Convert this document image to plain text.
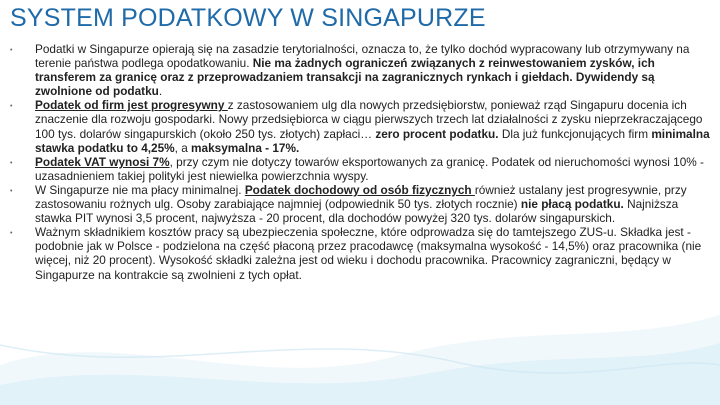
SYSTEM PODATKOWY W SINGAPURZE
• Podatki w Singapurze opierają się na zasadzie terytorialności, oznacza to, że tylko dochód wypracowany lub otrzymywany na terenie państwa podlega opodatkowaniu. Nie ma żadnych ograniczeń związanych z reinwestowaniem zysków, ich transferem za granicę oraz z przeprowadzaniem transakcji na zagranicznych rynkach i giełdach. Dywidendy są zwolnione od podatku.
• Podatek od firm jest progresywny z zastosowaniem ulg dla nowych przedsiębiorstw, ponieważ rząd Singapuru docenia ich znaczenie dla rozwoju gospodarki. Nowy przedsiębiorca w ciągu pierwszych trzech lat działalności z zysku nieprzekraczającego 100 tys. dolarów singapurskich (około 250 tys. złotych) zapłaci… zero procent podatku. Dla już funkcjonujących firm minimalna stawka podatku to 4,25%, a maksymalna - 17%.
• Podatek VAT wynosi 7%, przy czym nie dotyczy towarów eksportowanych za granicę. Podatek od nieruchomości wynosi 10% - uzasadnieniem takiej polityki jest niewielka powierzchnia wyspy.
• W Singapurze nie ma płacy minimalnej. Podatek dochodowy od osób fizycznych również ustalany jest progresywnie, przy zastosowaniu rożnych ulg. Osoby zarabiające najmniej (odpowiednik 50 tys. złotych rocznie) nie płacą podatku. Najniższa stawka PIT wynosi 3,5 procent, najwyższa - 20 procent, dla dochodów powyżej 320 tys. dolarów singapurskich.
• Ważnym składnikiem kosztów pracy są ubezpieczenia społeczne, które odprowadza się do tamtejszego ZUS-u. Składka jest - podobnie jak w Polsce - podzielona na część płaconą przez pracodawcę (maksymalna wysokość - 14,5%) oraz pracownika (nie więcej, niż 20 procent). Wysokość składki zależna jest od wieku i dochodu pracownika. Pracownicy zagraniczni, będący w Singapurze na kontrakcie są zwolnieni z tych opłat.
